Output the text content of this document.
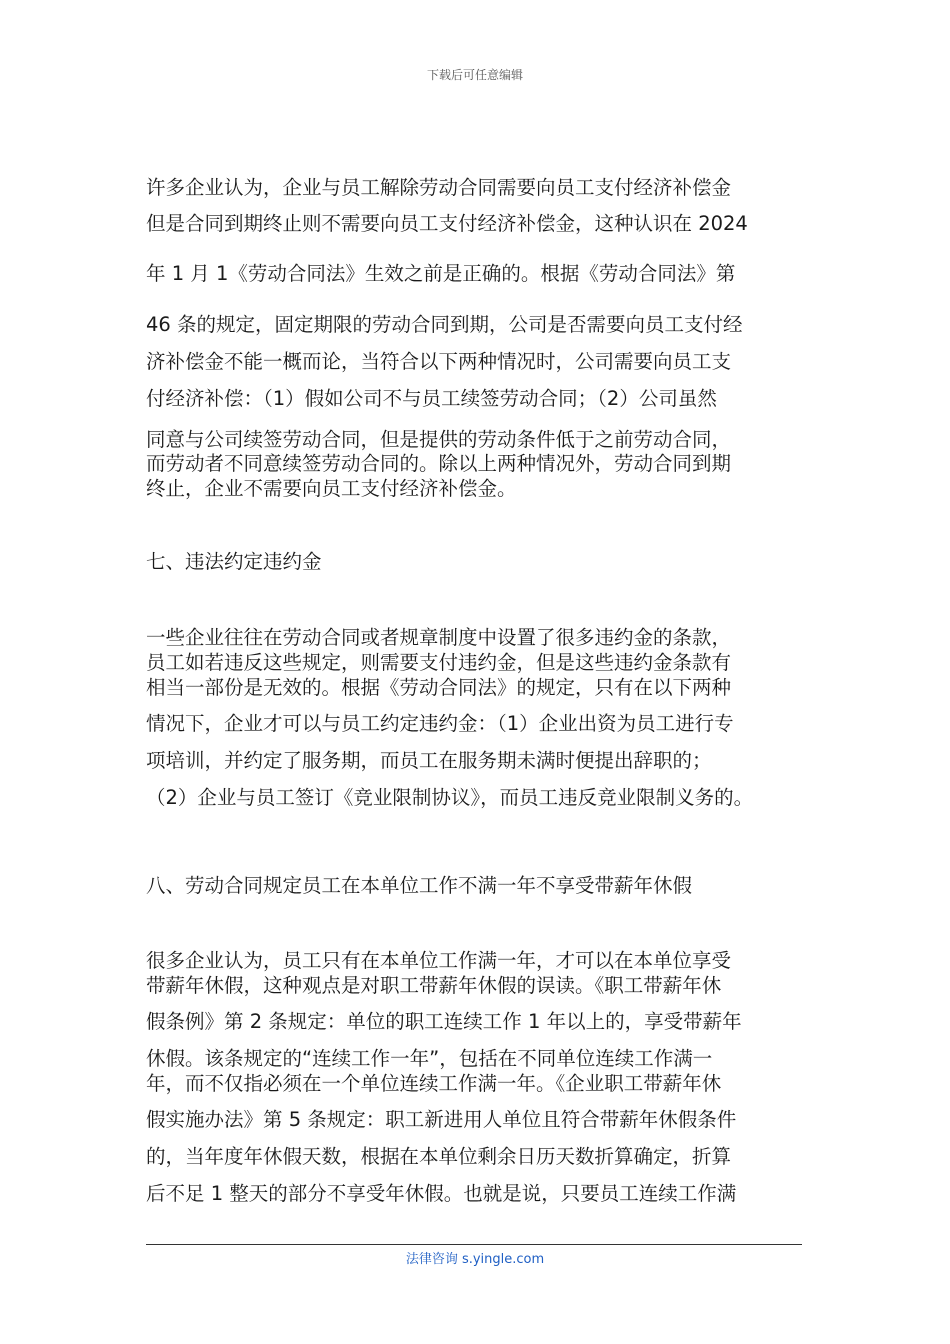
下载后可任意编辑
许多企业认为，企业与员工解除劳动合同需要向员工支付经济补偿金
但是合同到期终止则不需要向员工支付经济补偿金，这种认识在 2024
年 1 月 1《劳动合同法》生效之前是正确的。根据《劳动合同法》第
46 条的规定，固定期限的劳动合同到期，公司是否需要向员工支付经
济补偿金不能一概而论，当符合以下两种情况时，公司需要向员工支
付经济补偿：（1）假如公司不与员工续签劳动合同；（2）公司虽然
同意与公司续签劳动合同，但是提供的劳动条件低于之前劳动合同，
而劳动者不同意续签劳动合同的。除以上两种情况外，劳动合同到期
终止，企业不需要向员工支付经济补偿金。
七、违法约定违约金
一些企业往往在劳动合同或者规章制度中设置了很多违约金的条款，
员工如若违反这些规定，则需要支付违约金，但是这些违约金条款有
相当一部份是无效的。根据《劳动合同法》的规定，只有在以下两种
情况下，企业才可以与员工约定违约金：（1）企业出资为员工进行专
项培训，并约定了服务期，而员工在服务期未满时便提出辞职的；
（2）企业与员工签订《竞业限制协议》，而员工违反竞业限制义务的。
八、劳动合同规定员工在本单位工作不满一年不享受带薪年休假
很多企业认为，员工只有在本单位工作满一年，才可以在本单位享受
带薪年休假，这种观点是对职工带薪年休假的误读。《职工带薪年休
假条例》第 2 条规定：单位的职工连续工作 1 年以上的，享受带薪年
休假。该条规定的“连续工作一年”，包括在不同单位连续工作满一
年，而不仅指必须在一个单位连续工作满一年。《企业职工带薪年休
假实施办法》第 5 条规定：职工新进用人单位且符合带薪年休假条件
的，当年度年休假天数，根据在本单位剩余日历天数折算确定，折算
后不足 1 整天的部分不享受年休假。也就是说，只要员工连续工作满
法律咨询 s.yingle.com
